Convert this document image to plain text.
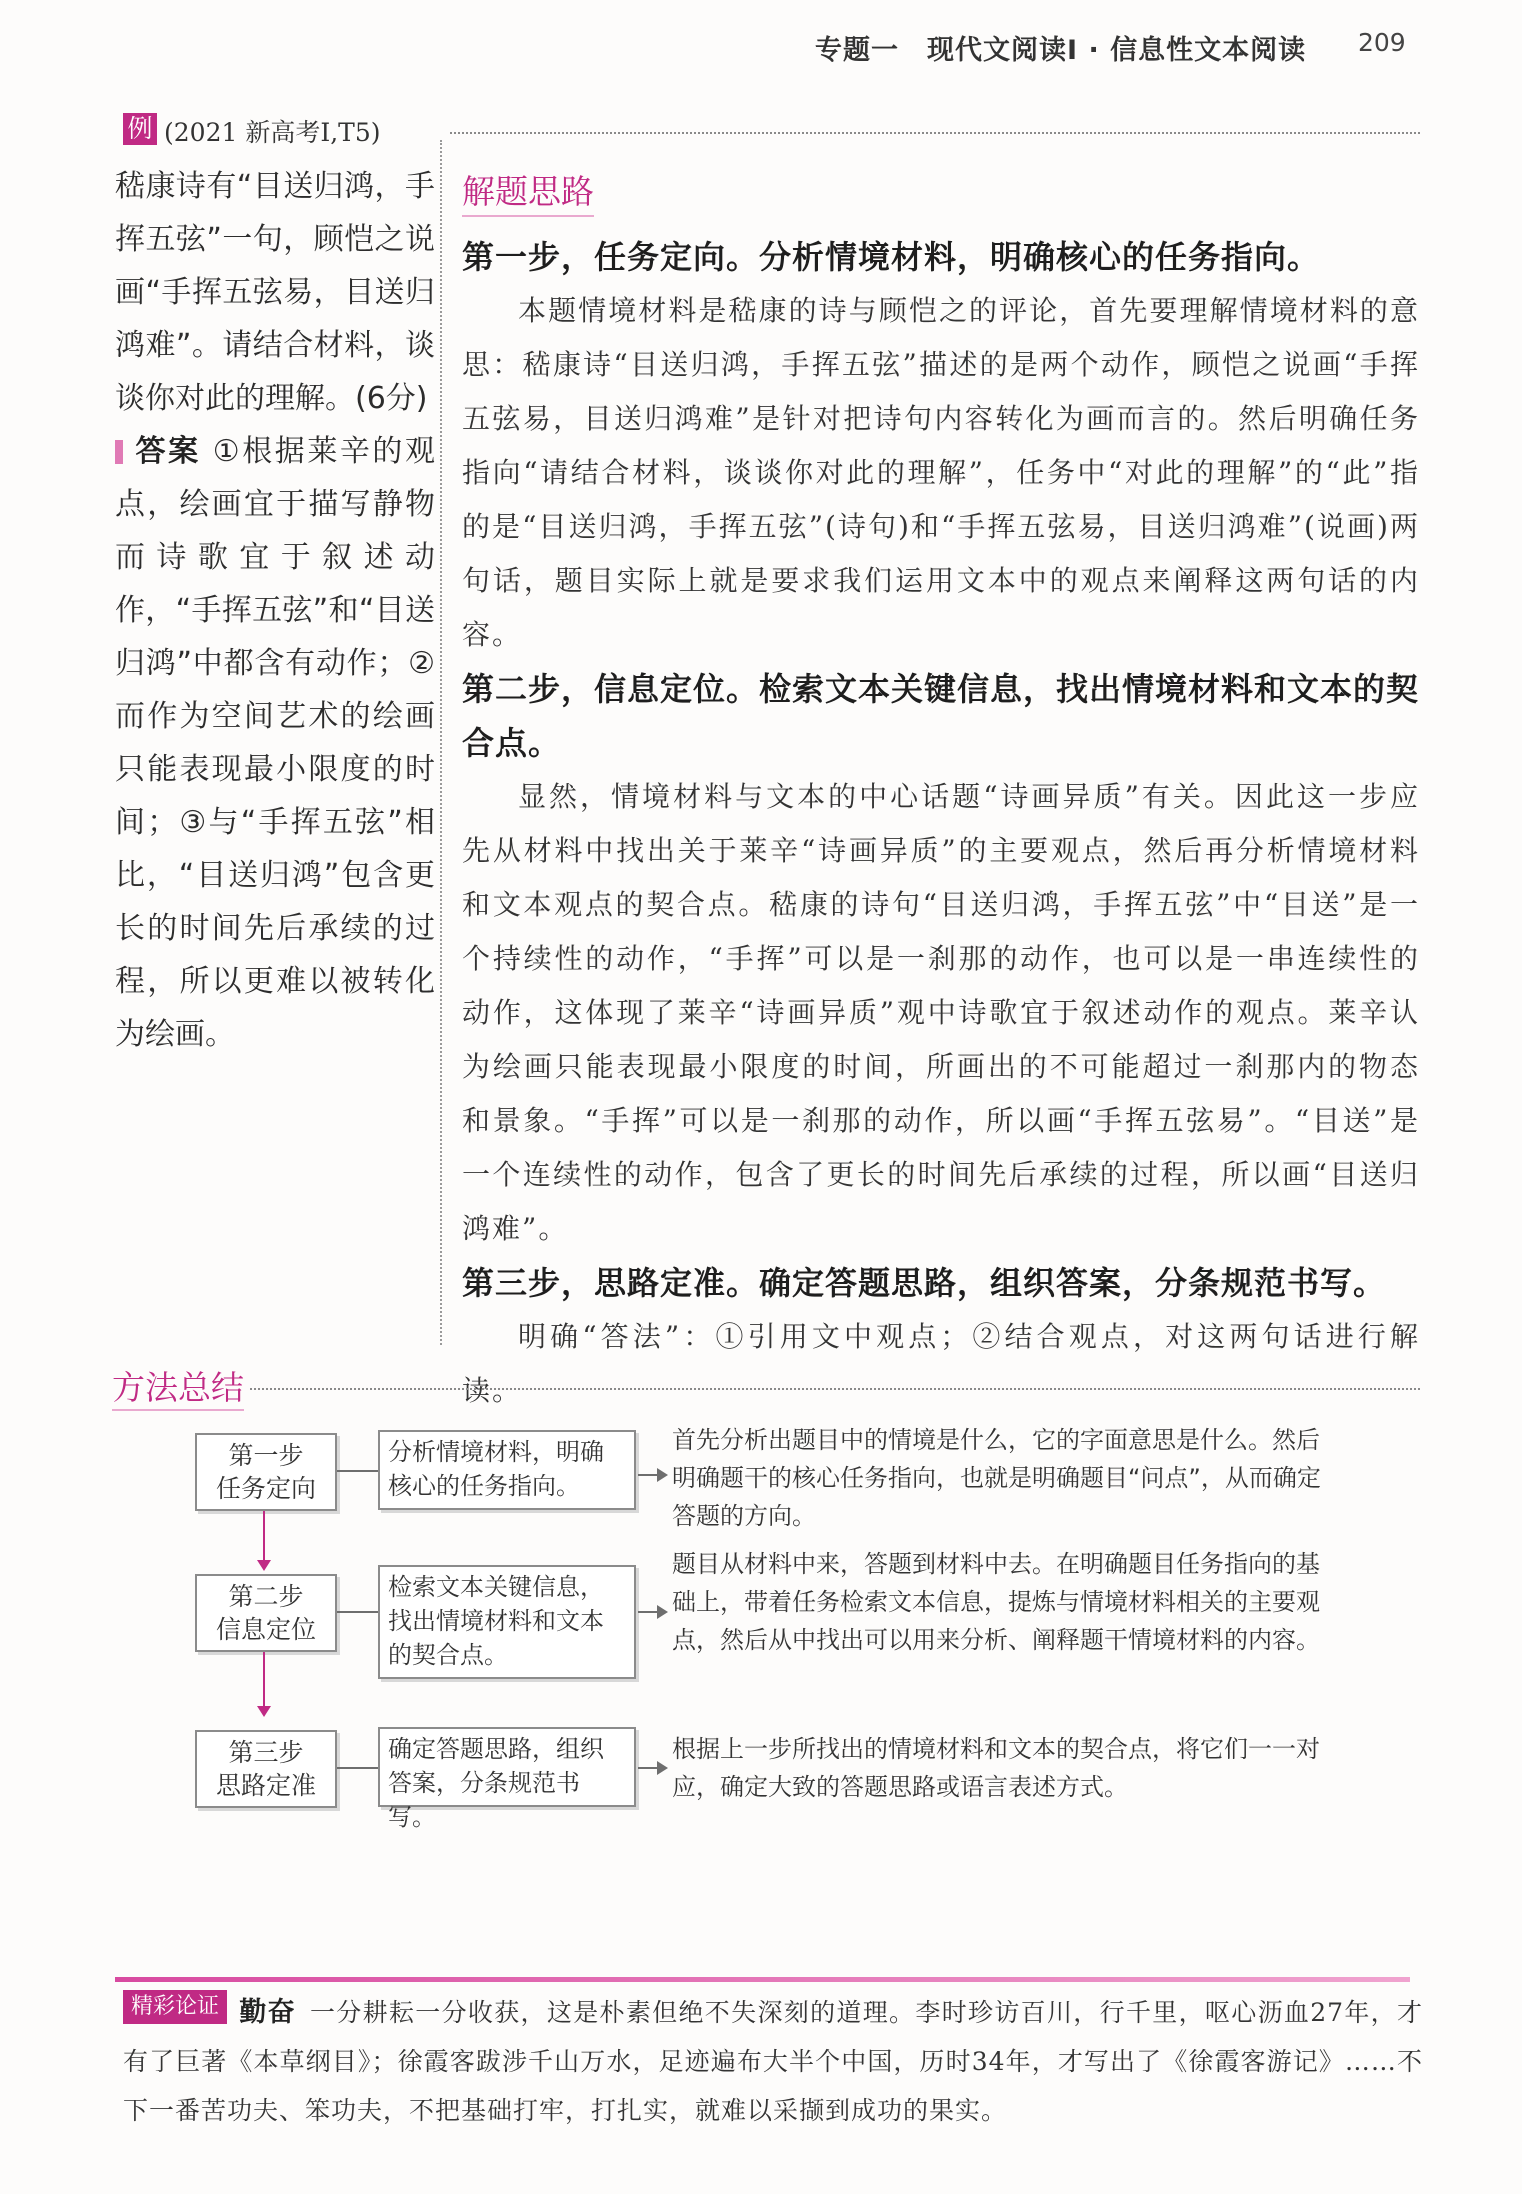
专题一　现代文阅读Ⅰ · 信息性文本阅读 209
例 (2021 新高考Ⅰ,T5)

嵇康诗有“目送归鸿，手挥五弦”一句，顾恺之说画“手挥五弦易，目送归鸿难”。请结合材料，谈谈你对此的理解。(6分)

答案 ①根据莱辛的观点，绘画宜于描写静物而诗歌宜于叙述动作，“手挥五弦”和“目送归鸿”中都含有动作；②而作为空间艺术的绘画只能表现最小限度的时间；③与“手挥五弦”相比，“目送归鸿”包含更长的时间先后承续的过程，所以更难以被转化为绘画。

解题思路

第一步，任务定向。分析情境材料，明确核心的任务指向。

本题情境材料是嵇康的诗与顾恺之的评论，首先要理解情境材料的意思：嵇康诗“目送归鸿，手挥五弦”描述的是两个动作，顾恺之说画“手挥五弦易，目送归鸿难”是针对把诗句内容转化为画而言的。然后明确任务指向“请结合材料，谈谈你对此的理解”，任务中“对此的理解”的“此”指的是“目送归鸿，手挥五弦”(诗句)和“手挥五弦易，目送归鸿难”(说画)两句话，题目实际上就是要求我们运用文本中的观点来阐释这两句话的内容。

第二步，信息定位。检索文本关键信息，找出情境材料和文本的契合点。

显然，情境材料与文本的中心话题“诗画异质”有关。因此这一步应先从材料中找出关于莱辛“诗画异质”的主要观点，然后再分析情境材料和文本观点的契合点。嵇康的诗句“目送归鸿，手挥五弦”中“目送”是一个持续性的动作，“手挥”可以是一刹那的动作，也可以是一串连续性的动作，这体现了莱辛“诗画异质”观中诗歌宜于叙述动作的观点。莱辛认为绘画只能表现最小限度的时间，所画出的不可能超过一刹那内的物态和景象。“手挥”可以是一刹那的动作，所以画“手挥五弦易”。“目送”是一个连续性的动作，包含了更长的时间先后承续的过程，所以画“目送归鸿难”。

第三步，思路定准。确定答题思路，组织答案，分条规范书写。

明确“答法”：①引用文中观点；②结合观点，对这两句话进行解读。

方法总结
第一步
任务定向
分析情境材料，明确核心的任务指向。
首先分析出题目中的情境是什么，它的字面意思是什么。然后明确题干的核心任务指向，也就是明确题目“问点”，从而确定答题的方向。
第二步
信息定位
检索文本关键信息，找出情境材料和文本的契合点。
题目从材料中来，答题到材料中去。在明确题目任务指向的基础上，带着任务检索文本信息，提炼与情境材料相关的主要观点，然后从中找出可以用来分析、阐释题干情境材料的内容。
第三步
思路定准
确定答题思路，组织答案，分条规范书写。
根据上一步所找出的情境材料和文本的契合点，将它们一一对应，确定大致的答题思路或语言表述方式。
精彩论证 勤奋 一分耕耘一分收获，这是朴素但绝不失深刻的道理。李时珍访百川，行千里，呕心沥血27年，才有了巨著《本草纲目》；徐霞客跋涉千山万水，足迹遍布大半个中国，历时34年，才写出了《徐霞客游记》……不下一番苦功夫、笨功夫，不把基础打牢，打扎实，就难以采撷到成功的果实。
